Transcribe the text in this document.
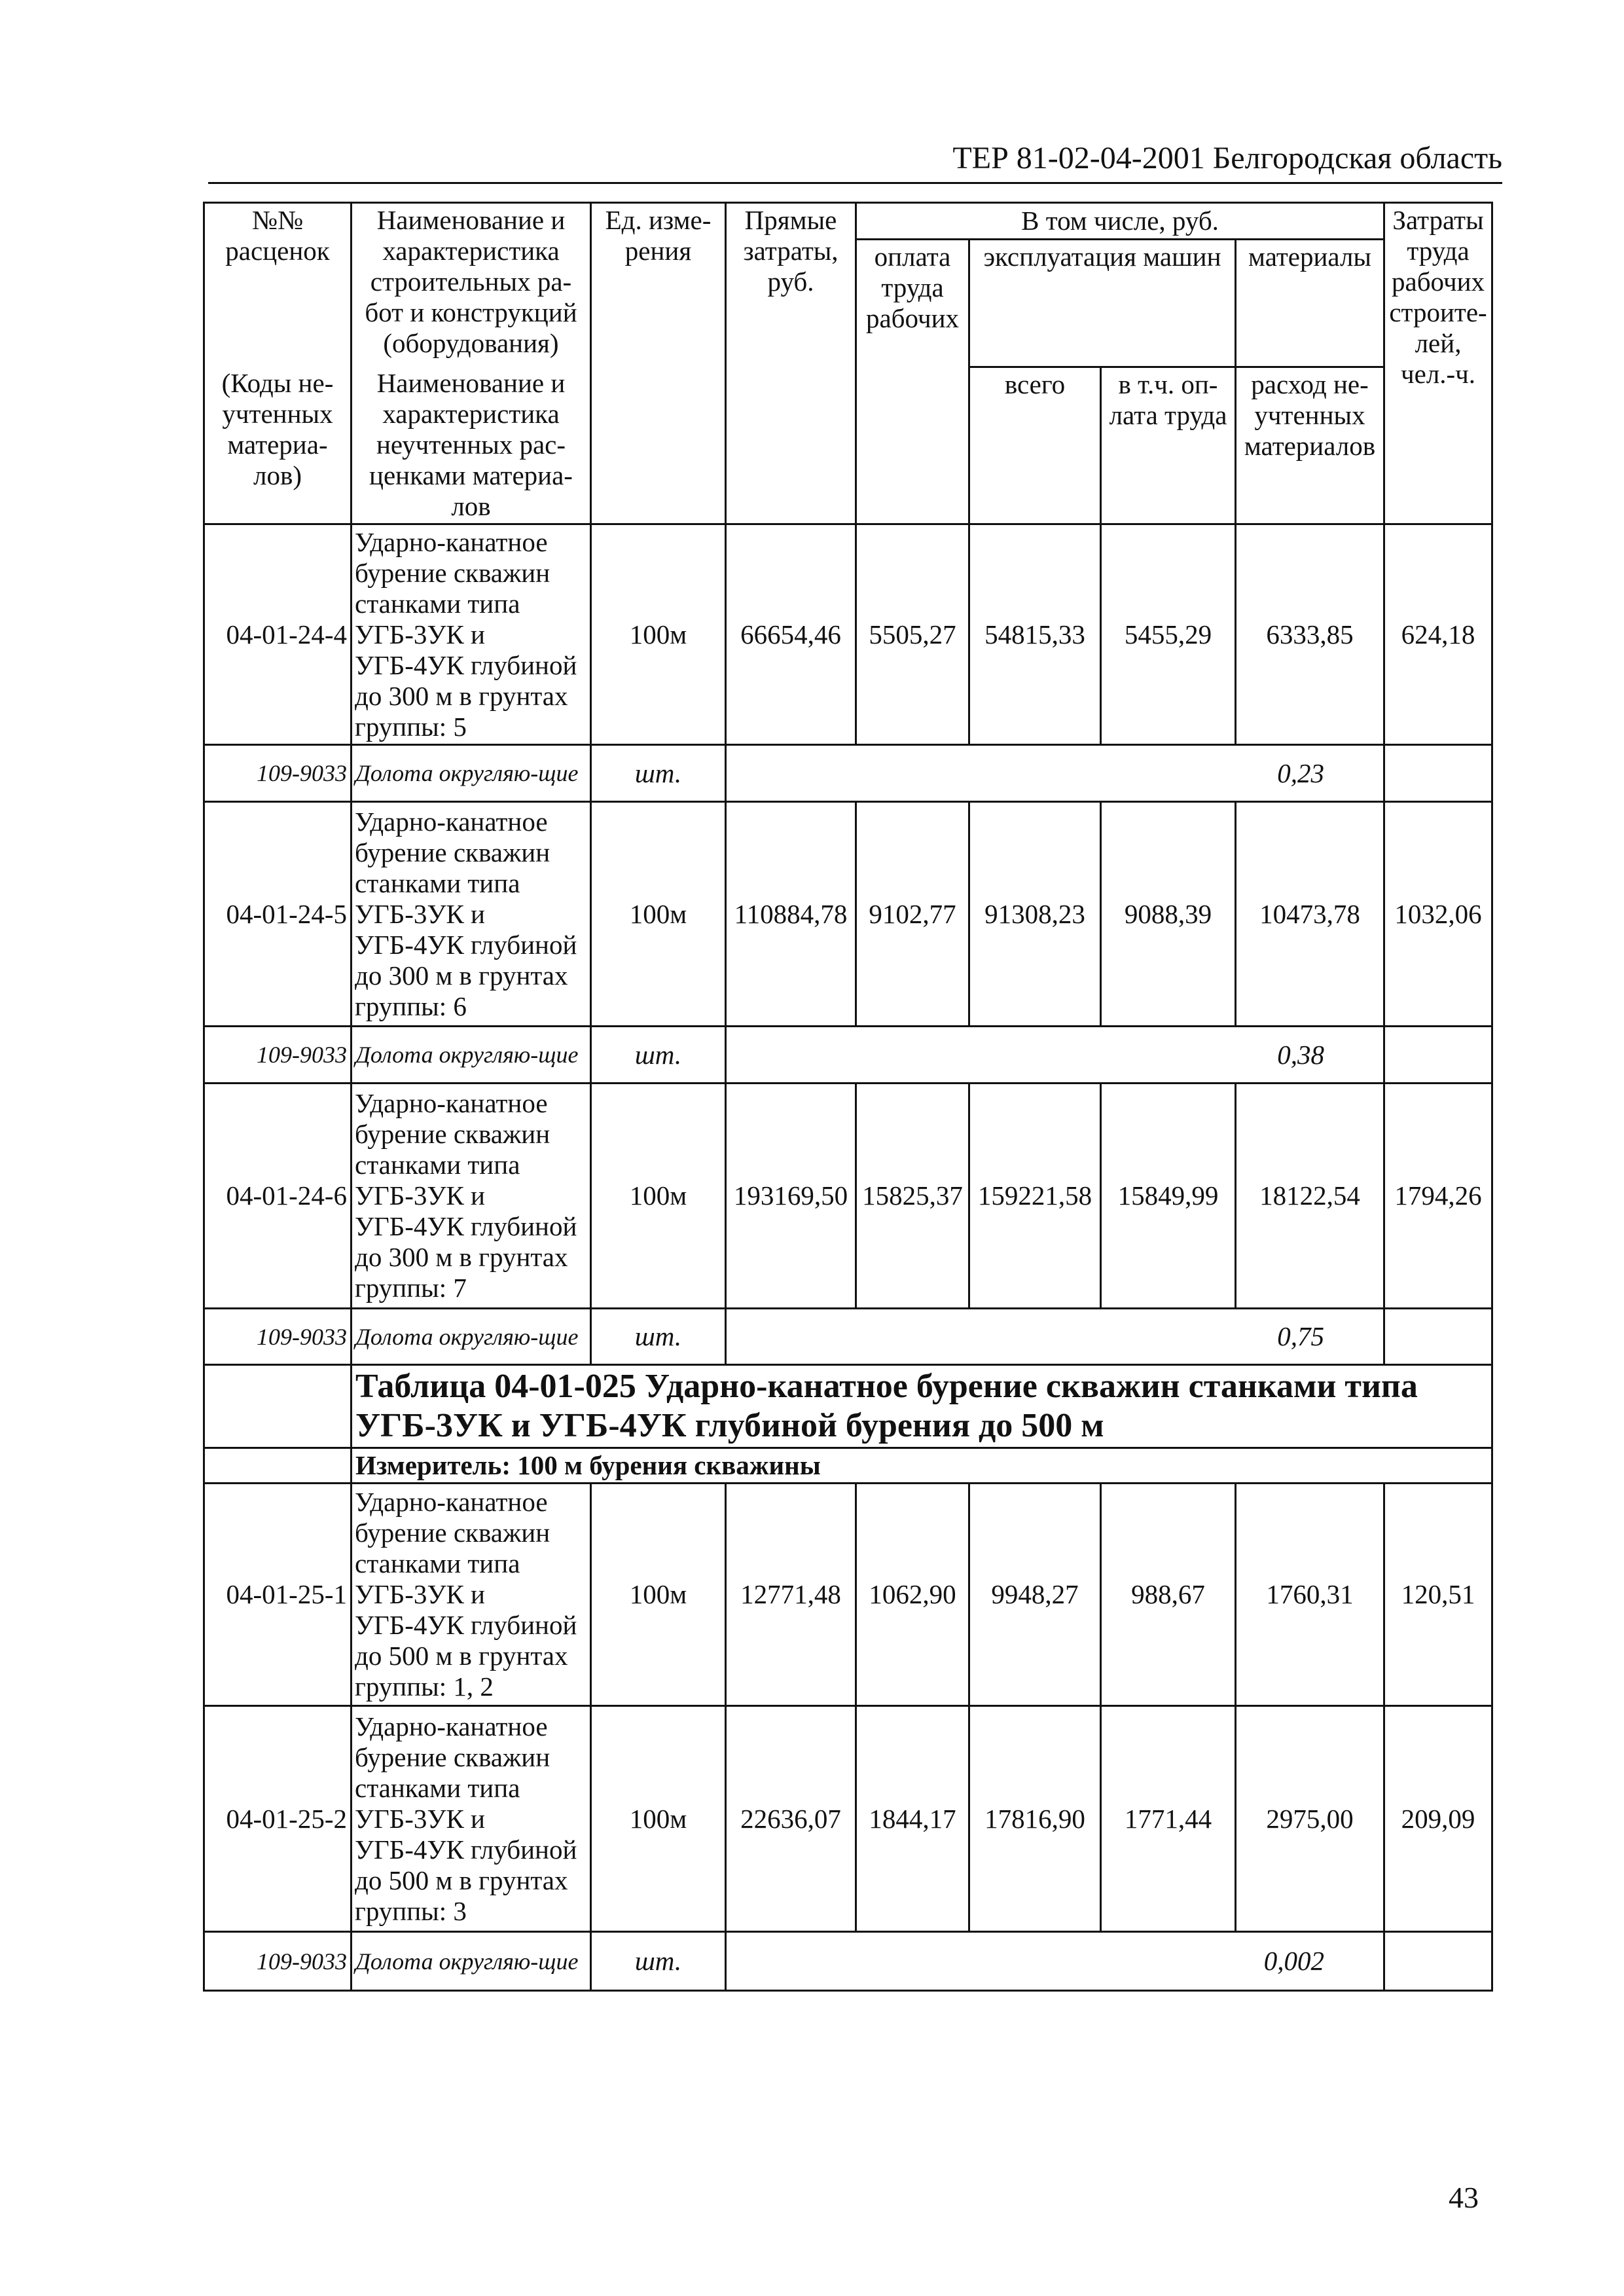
ТЕР 81-02-04-2001 Белгородская область
№№ расценок	Наименование и характеристика строительных ра-бот и конструкций (оборудования)	Ед. изме-рения	Прямые затраты, руб.	В том числе, руб.				Затраты труда рабочих строите-лей, чел.-ч.
				оплата труда рабочих	эксплуатация машин		материалы	

(Коды не-учтенных материа-лов)	Наименование и характеристика неучтенных рас-ценками материа-лов				всего	в т.ч. оп-лата труда	расход не-учтенных материалов	

04-01-24-4	Ударно-канатное бурение скважин станками типа УГБ-3УК и УГБ-4УК глубиной до 300 м в грунтах группы: 5	100м	66654,46	5505,27	54815,33	5455,29	6333,85	624,18
109-9033	Долота округляю-щие	шт.	0,23					
04-01-24-5	Ударно-канатное бурение скважин станками типа УГБ-3УК и УГБ-4УК глубиной до 300 м в грунтах группы: 6	100м	110884,78	9102,77	91308,23	9088,39	10473,78	1032,06
109-9033	Долота округляю-щие	шт.	0,38					
04-01-24-6	Ударно-канатное бурение скважин станками типа УГБ-3УК и УГБ-4УК глубиной до 300 м в грунтах группы: 7	100м	193169,50	15825,37	159221,58	15849,99	18122,54	1794,26
109-9033	Долота округляю-щие	шт.	0,75					
	Таблица 04-01-025 Ударно-канатное бурение скважин станками типа УГБ-3УК и УГБ-4УК глубиной бурения до 500 м							
	Измеритель: 100 м бурения скважины							
04-01-25-1	Ударно-канатное бурение скважин станками типа УГБ-3УК и УГБ-4УК глубиной до 500 м в грунтах группы: 1, 2	100м	12771,48	1062,90	9948,27	988,67	1760,31	120,51
04-01-25-2	Ударно-канатное бурение скважин станками типа УГБ-3УК и УГБ-4УК глубиной до 500 м в грунтах группы: 3	100м	22636,07	1844,17	17816,90	1771,44	2975,00	209,09
109-9033	Долота округляю-щие	шт.	0,002					
43
